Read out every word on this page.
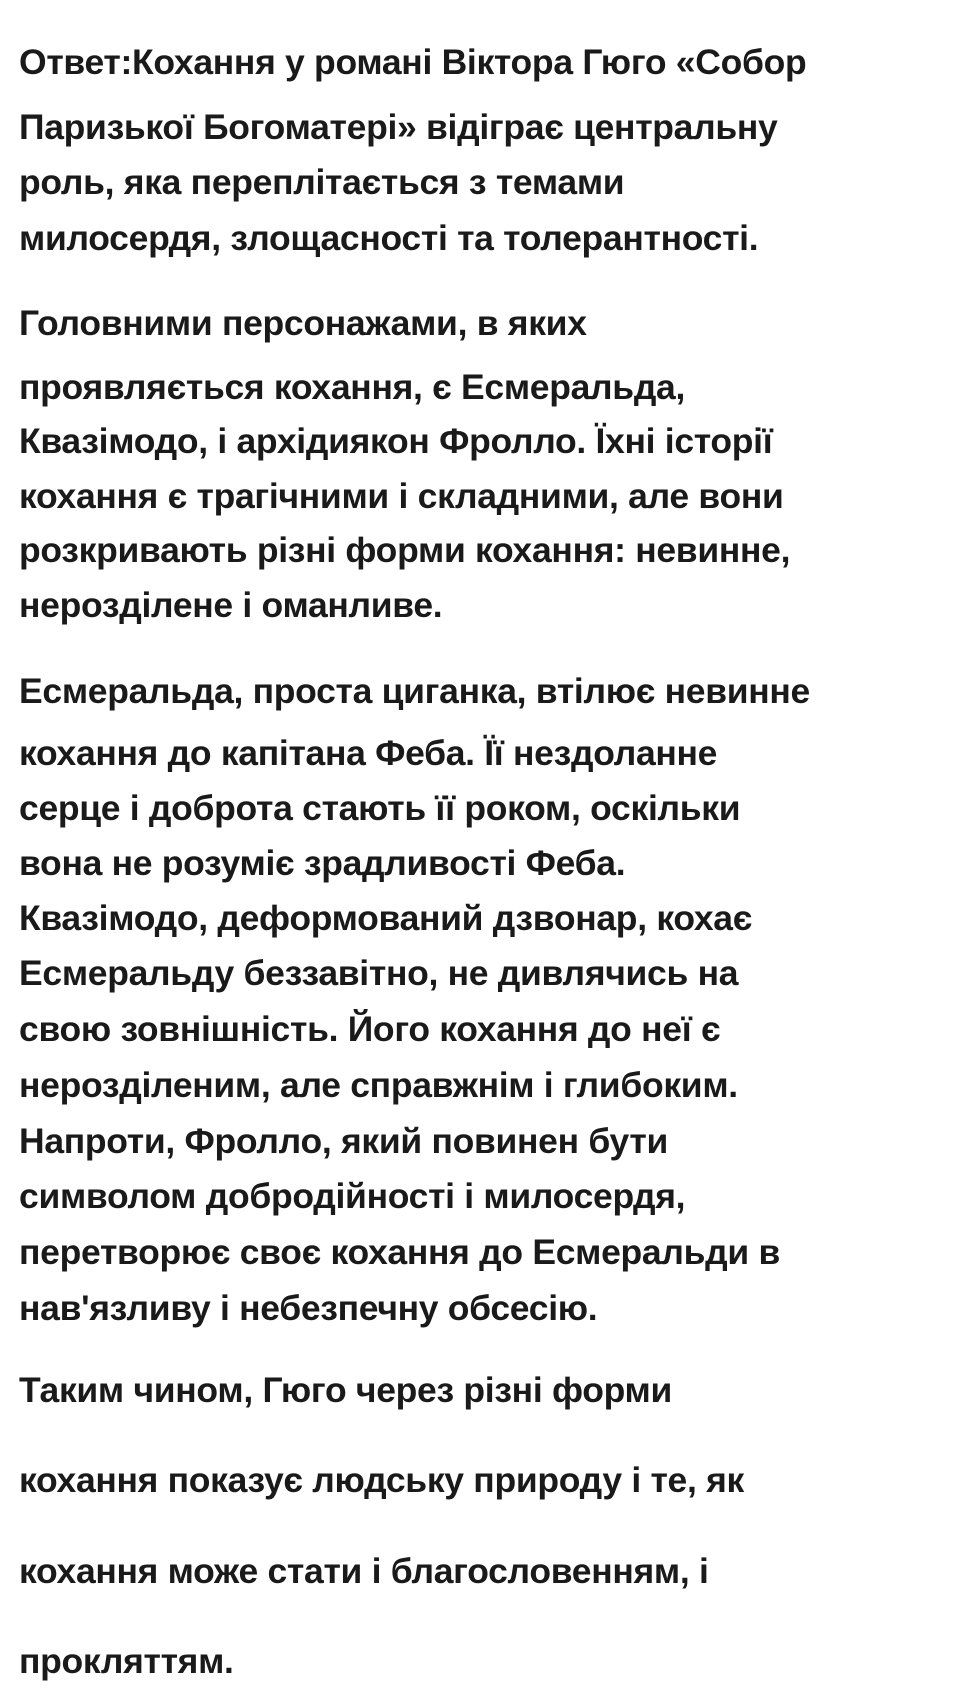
Ответ:Кохання у романі Віктора Гюго «Собор
Паризької Богоматері» відіграє центральну
роль, яка переплітається з темами
милосердя, злощасності та толерантності.
Головними персонажами, в яких
проявляється кохання, є Есмеральда,
Квазімодо, і архідиякон Фролло. Їхні історії
кохання є трагічними і складними, але вони
розкривають різні форми кохання: невинне,
нерозділене і оманливе.
Есмеральда, проста циганка, втілює невинне
кохання до капітана Феба. Її нездоланне
серце і доброта стають її роком, оскільки
вона не розуміє зрадливості Феба.
Квазімодо, деформований дзвонар, кохає
Есмеральду беззавітно, не дивлячись на
свою зовнішність. Його кохання до неї є
нерозділеним, але справжнім і глибоким.
Напроти, Фролло, який повинен бути
символом добродійності і милосердя,
перетворює своє кохання до Есмеральди в
нав'язливу і небезпечну обсесію.
Таким чином, Гюго через різні форми
кохання показує людську природу і те, як
кохання може стати і благословенням, і
прокляттям.
